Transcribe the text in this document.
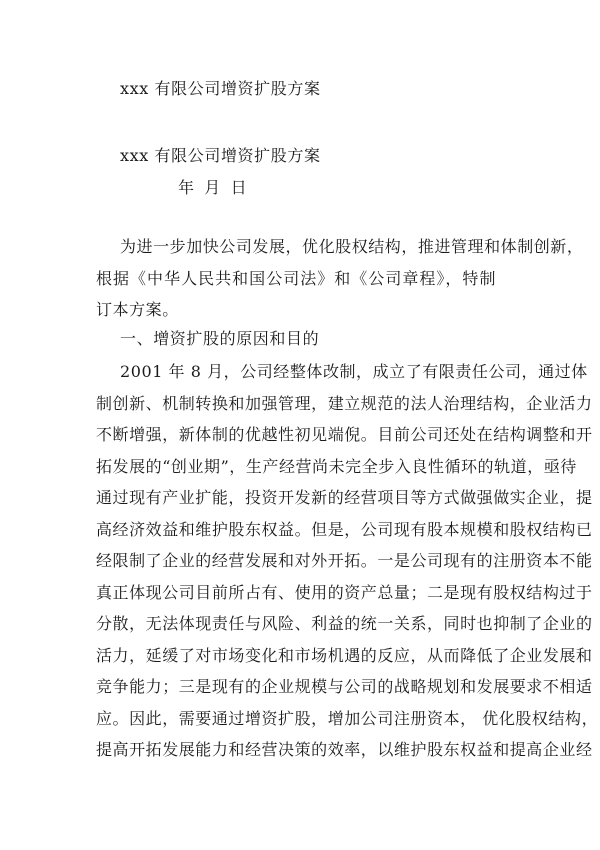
xxx 有限公司增资扩股方案
xxx 有限公司增资扩股方案
年 月 日
为进一步加快公司发展，优化股权结构，推进管理和体制创新，
根据《中华人民共和国公司法》和《公司章程》，特制订本方案。
一、增资扩股的原因和目的
2001 年 8 月，公司经整体改制，成立了有限责任公司，通过体
制创新、机制转换和加强管理，建立规范的法人治理结构，企业活力
不断增强，新体制的优越性初见端倪。目前公司还处在结构调整和开
拓发展的“创业期”，生产经营尚未完全步入良性循环的轨道，亟待
通过现有产业扩能，投资开发新的经营项目等方式做强做实企业，提
高经济效益和维护股东权益。但是，公司现有股本规模和股权结构已
经限制了企业的经营发展和对外开拓。一是公司现有的注册资本不能
真正体现公司目前所占有、使用的资产总量；二是现有股权结构过于
分散，无法体现责任与风险、利益的统一关系，同时也抑制了企业的
活力，延缓了对市场变化和市场机遇的反应，从而降低了企业发展和
竞争能力；三是现有的企业规模与公司的战略规划和发展要求不相适
应。因此，需要通过增资扩股，增加公司注册资本， 优化股权结构，
提高开拓发展能力和经营决策的效率，以维护股东权益和提高企业经
